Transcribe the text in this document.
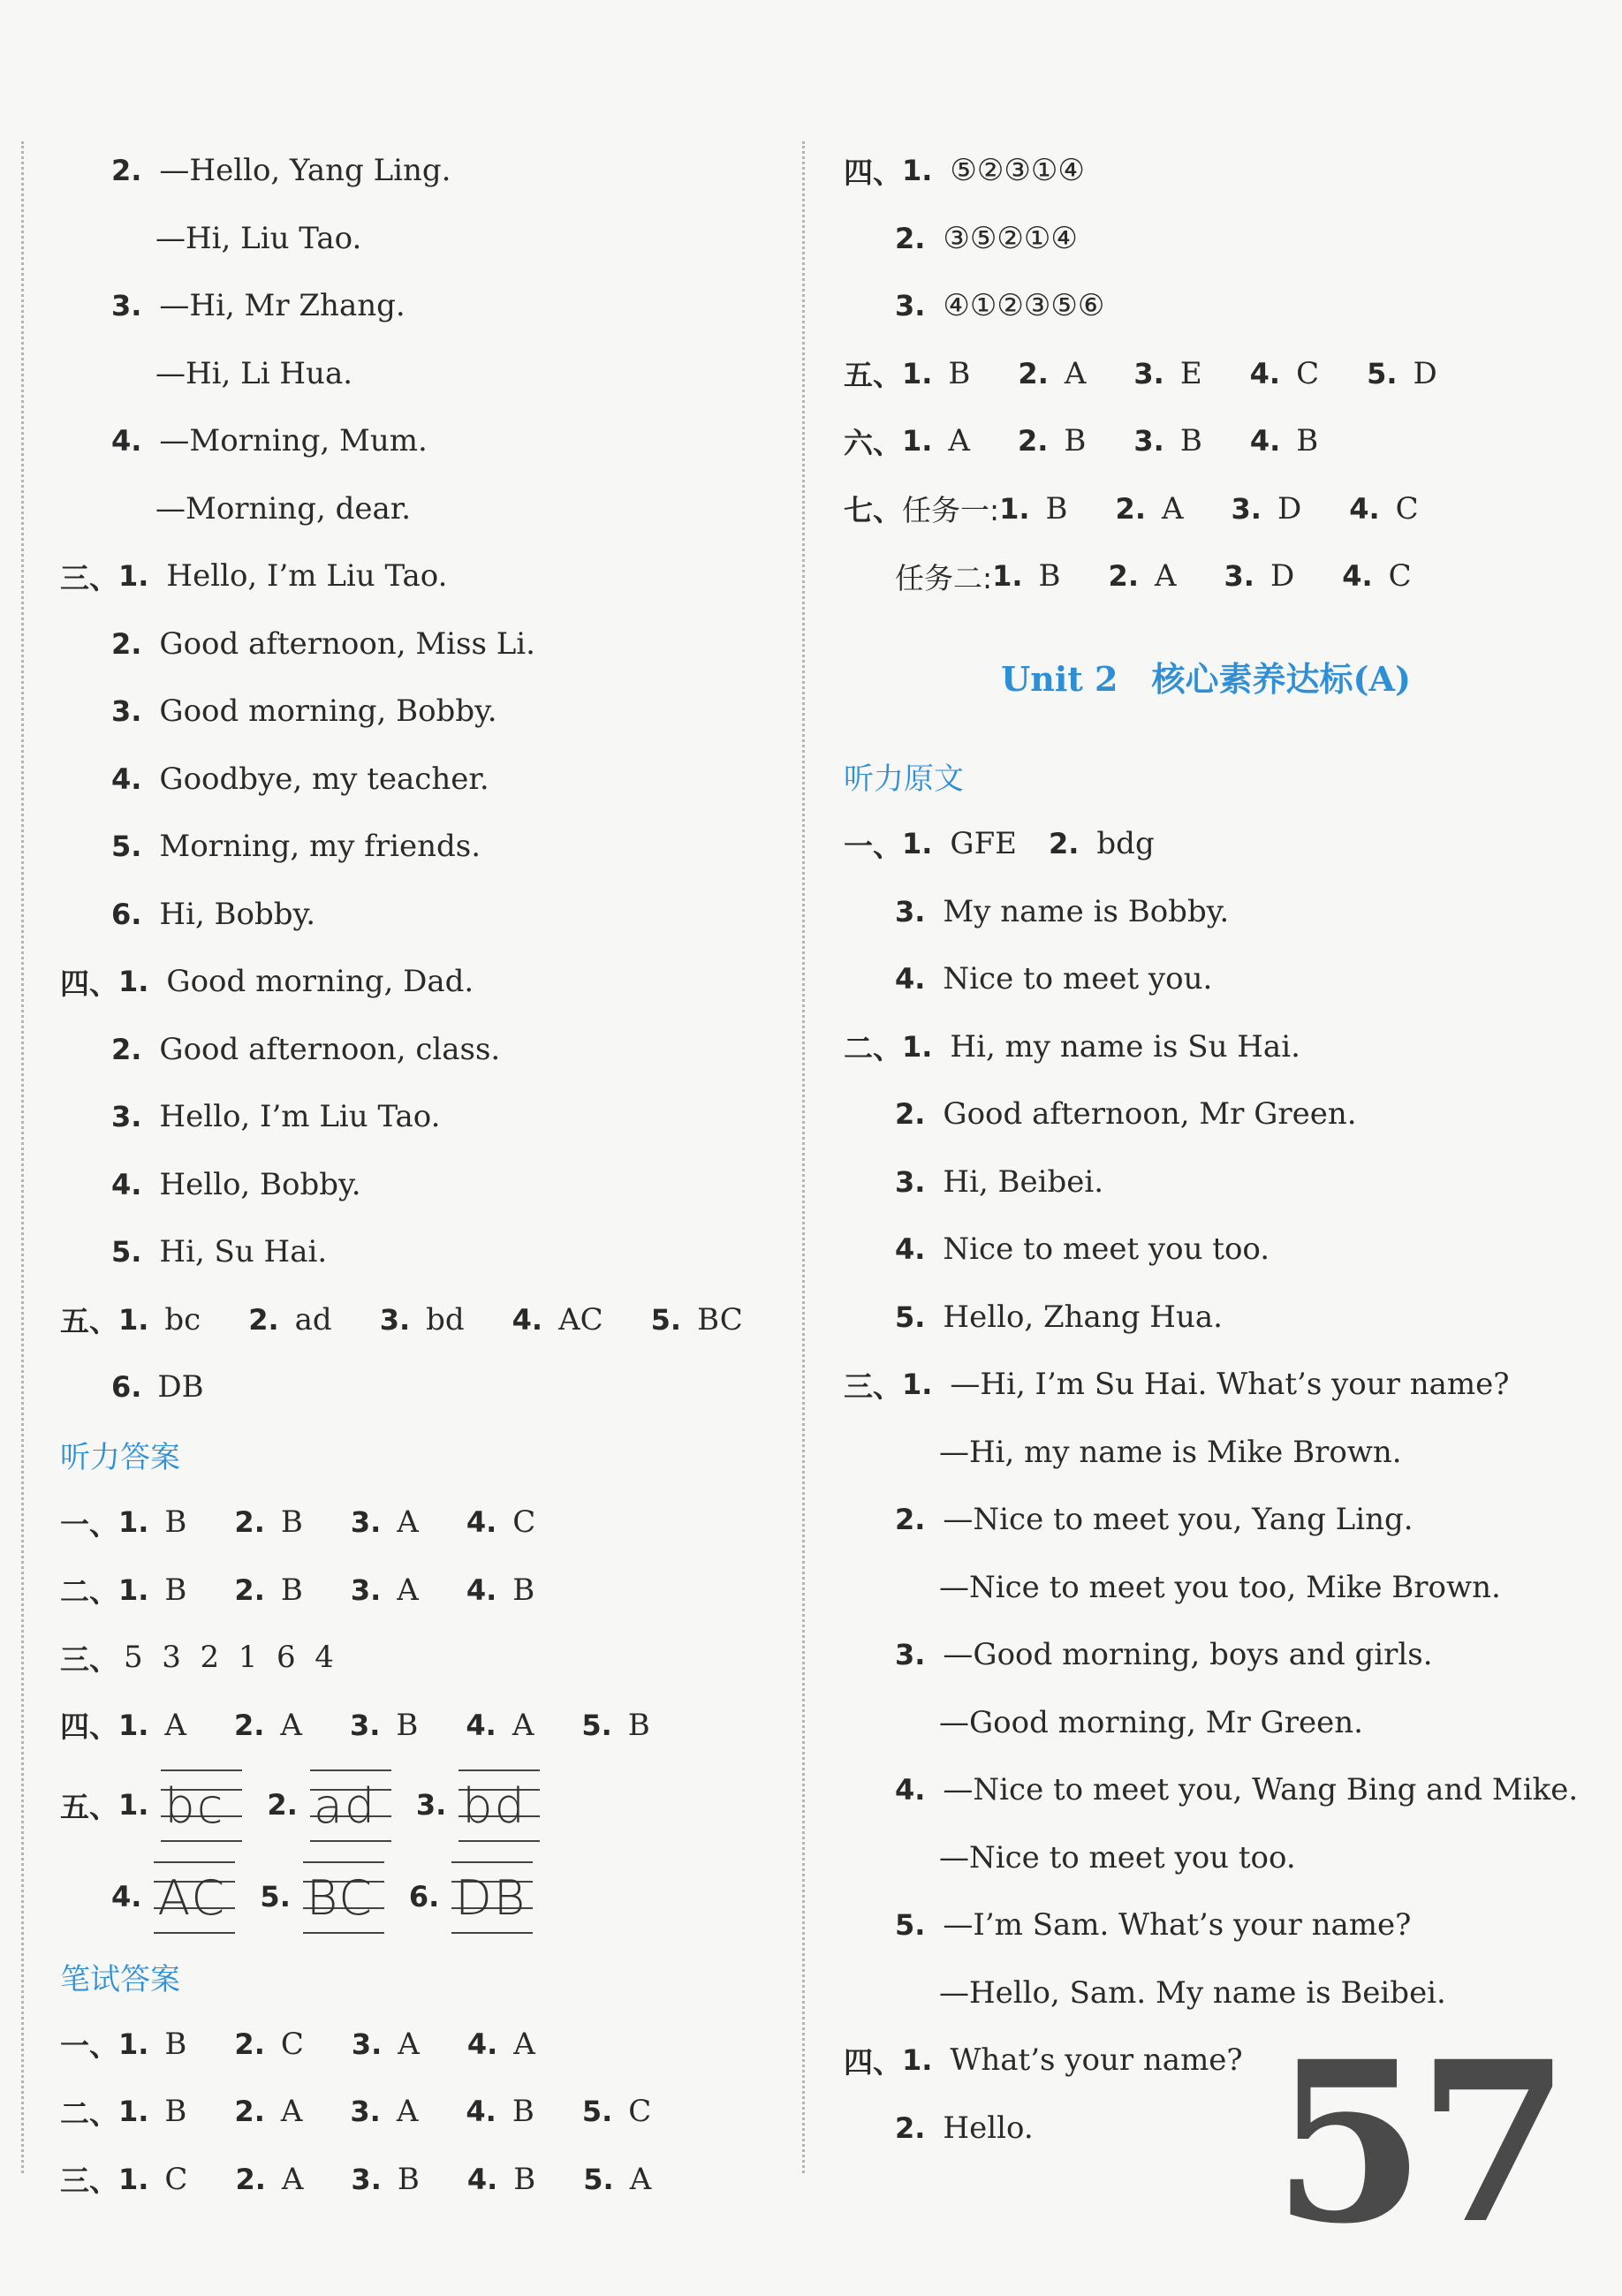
2. —Hello, Yang Ling.
—Hi, Liu Tao.
3. —Hi, Mr Zhang.
—Hi, Li Hua.
4. —Morning, Mum.
—Morning, dear.
三、 1. Hello, I’m Liu Tao.
2. Good afternoon, Miss Li.
3. Good morning, Bobby.
4. Goodbye, my teacher.
5. Morning, my friends.
6. Hi, Bobby.
四、 1. Good morning, Dad.
2. Good afternoon, class.
3. Hello, I’m Liu Tao.
4. Hello, Bobby.
5. Hi, Su Hai.
五、 1. bc 2. ad 3. bd 4. AC 5. BC
6. DB
听力答案
一、 1. B 2. B 3. A 4. C
二、 1. B 2. B 3. A 4. B
三、 5  3  2  1  6  4
四、 1. A 2. A 3. B 4. A 5. B
五、 1. bc 2. ad 3. bd
4. AC 5. BC 6. DB
笔试答案
一、 1. B 2. C 3. A 4. A
二、 1. B 2. A 3. A 4. B 5. C
三、 1. C 2. A 3. B 4. B 5. A
四、 1. ⑤②③①④
2. ③⑤②①④
3. ④①②③⑤⑥
五、 1. B 2. A 3. E 4. C 5. D
六、 1. A 2. B 3. B 4. B
七、 任务一: 1. B 2. A 3. D 4. C
任务二: 1. B 2. A 3. D 4. C
Unit 2　核心素养达标(A)
听力原文
一、 1. GFE 2. bdg
3. My name is Bobby.
4. Nice to meet you.
二、 1. Hi, my name is Su Hai.
2. Good afternoon, Mr Green.
3. Hi, Beibei.
4. Nice to meet you too.
5. Hello, Zhang Hua.
三、 1. —Hi, I’m Su Hai. What’s your name?
—Hi, my name is Mike Brown.
2. —Nice to meet you, Yang Ling.
—Nice to meet you too, Mike Brown.
3. —Good morning, boys and girls.
—Good morning, Mr Green.
4. —Nice to meet you, Wang Bing and Mike.
—Nice to meet you too.
5. —I’m Sam. What’s your name?
—Hello, Sam. My name is Beibei.
四、 1. What’s your name?
2. Hello. 57
